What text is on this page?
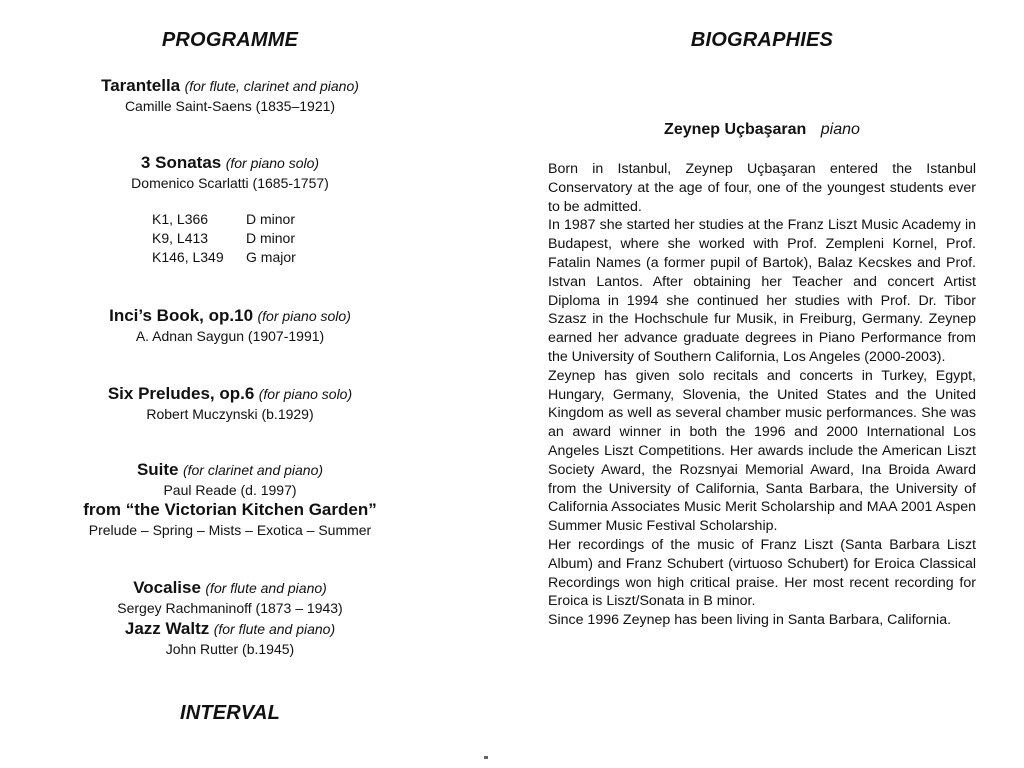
PROGRAMME
Tarantella (for flute, clarinet and piano)
Camille Saint-Saens (1835–1921)
3 Sonatas (for piano solo)
Domenico Scarlatti (1685-1757)
K1, L366	D minor
K9, L413	D minor
K146, L349	G major
Inci’s Book, op.10 (for piano solo)
A. Adnan Saygun (1907-1991)
Six Preludes, op.6 (for piano solo)
Robert Muczynski (b.1929)
Suite (for clarinet and piano)
Paul Reade (d. 1997)
from “the Victorian Kitchen Garden”
Prelude – Spring – Mists – Exotica – Summer
Vocalise (for flute and piano)
Sergey Rachmaninoff (1873 – 1943)
Jazz Waltz (for flute and piano)
John Rutter (b.1945)
INTERVAL
BIOGRAPHIES
Zeynep Uçbaşaran piano

Born in Istanbul, Zeynep Uçbaşaran entered the Istanbul Conservatory at the age of four, one of the youngest students ever to be admitted.

In 1987 she started her studies at the Franz Liszt Music Academy in Budapest, where she worked with Prof. Zempleni Kornel, Prof. Fatalin Names (a former pupil of Bartok), Balaz Kecskes and Prof. Istvan Lantos. After obtaining her Teacher and concert Artist Diploma in 1994 she continued her studies with Prof. Dr. Tibor Szasz in the Hochschule fur Musik, in Freiburg, Germany. Zeynep earned her advance graduate degrees in Piano Performance from the University of Southern California, Los Angeles (2000-2003).

Zeynep has given solo recitals and concerts in Turkey, Egypt, Hungary, Germany, Slovenia, the United States and the United Kingdom as well as several chamber music performances. She was an award winner in both the 1996 and 2000 International Los Angeles Liszt Competitions. Her awards include the American Liszt Society Award, the Rozsnyai Memorial Award, Ina Broida Award from the University of California, Santa Barbara, the University of California Associates Music Merit Scholarship and MAA 2001 Aspen Summer Music Festival Scholarship.

Her recordings of the music of Franz Liszt (Santa Barbara Liszt Album) and Franz Schubert (virtuoso Schubert) for Eroica Classical Recordings won high critical praise. Her most recent recording for Eroica is Liszt/Sonata in B minor.

Since 1996 Zeynep has been living in Santa Barbara, California.
